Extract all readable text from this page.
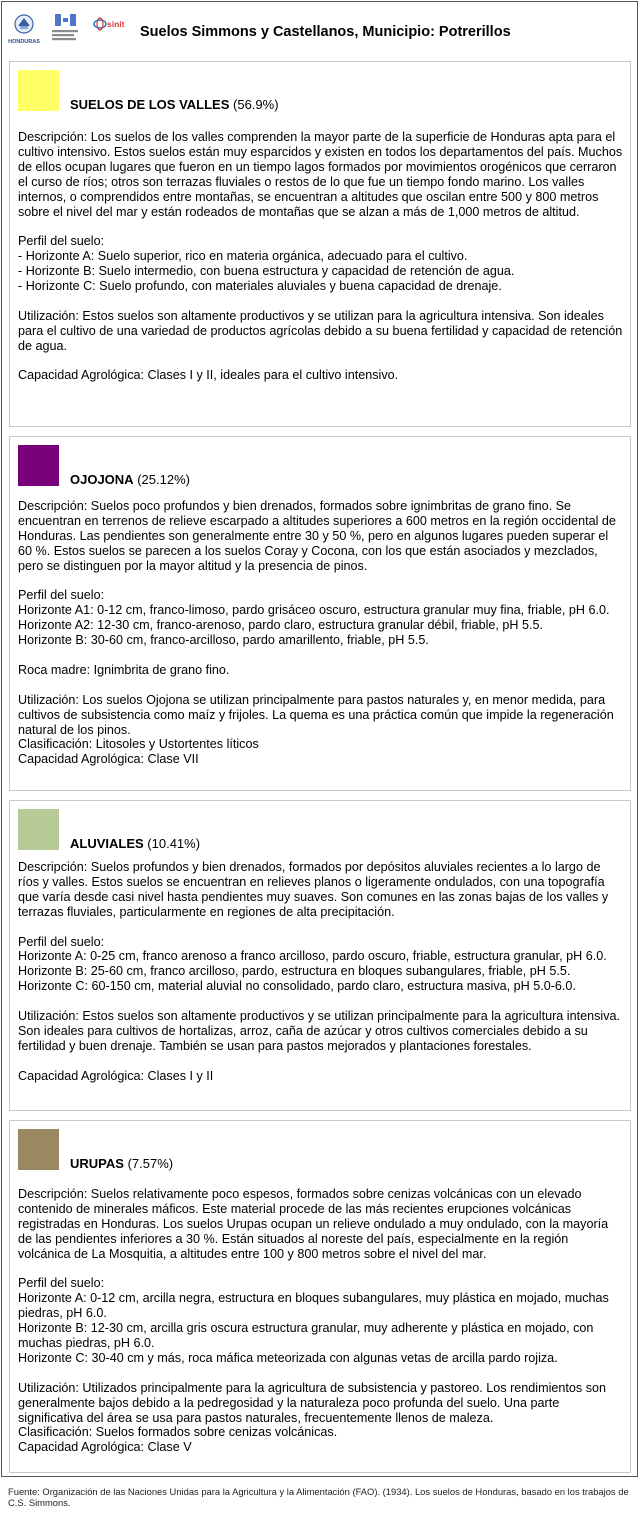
HONDURAS
sinit Suelos Simmons y Castellanos, Municipio: Potrerillos
SUELOS DE LOS VALLES (56.9%)

Descripción: Los suelos de los valles comprenden la mayor parte de la superficie de Honduras apta para el cultivo intensivo. Estos suelos están muy esparcidos y existen en todos los departamentos del país. Muchos de ellos ocupan lugares que fueron en un tiempo lagos formados por movimientos orogénicos que cerraron el curso de ríos; otros son terrazas fluviales o restos de lo que fue un tiempo fondo marino. Los valles internos, o comprendidos entre montañas, se encuentran a altitudes que oscilan entre 500 y 800 metros sobre el nivel del mar y están rodeados de montañas que se alzan a más de 1,000 metros de altitud.

Perfil del suelo:
- Horizonte A: Suelo superior, rico en materia orgánica, adecuado para el cultivo.
- Horizonte B: Suelo intermedio, con buena estructura y capacidad de retención de agua.
- Horizonte C: Suelo profundo, con materiales aluviales y buena capacidad de drenaje.

Utilización: Estos suelos son altamente productivos y se utilizan para la agricultura intensiva. Son ideales para el cultivo de una variedad de productos agrícolas debido a su buena fertilidad y capacidad de retención de agua.

Capacidad Agrológica: Clases I y II, ideales para el cultivo intensivo.

OJOJONA (25.12%)

Descripción: Suelos poco profundos y bien drenados, formados sobre ignimbritas de grano fino. Se encuentran en terrenos de relieve escarpado a altitudes superiores a 600 metros en la región occidental de Honduras. Las pendientes son generalmente entre 30 y 50 %, pero en algunos lugares pueden superar el 60 %. Estos suelos se parecen a los suelos Coray y Cocona, con los que están asociados y mezclados, pero se distinguen por la mayor altitud y la presencia de pinos.

Perfil del suelo:
Horizonte A1: 0-12 cm, franco-limoso, pardo grisáceo oscuro, estructura granular muy fina, friable, pH 6.0.
Horizonte A2: 12-30 cm, franco-arenoso, pardo claro, estructura granular débil, friable, pH 5.5.
Horizonte B: 30-60 cm, franco-arcilloso, pardo amarillento, friable, pH 5.5.

Roca madre: Ignimbrita de grano fino.

Utilización: Los suelos Ojojona se utilizan principalmente para pastos naturales y, en menor medida, para cultivos de subsistencia como maíz y frijoles. La quema es una práctica común que impide la regeneración natural de los pinos.
Clasificación: Litosoles y Ustortentes líticos
Capacidad Agrológica: Clase VII

ALUVIALES (10.41%)

Descripción: Suelos profundos y bien drenados, formados por depósitos aluviales recientes a lo largo de ríos y valles. Estos suelos se encuentran en relieves planos o ligeramente ondulados, con una topografía que varía desde casi nivel hasta pendientes muy suaves. Son comunes en las zonas bajas de los valles y terrazas fluviales, particularmente en regiones de alta precipitación.

Perfil del suelo:
Horizonte A: 0-25 cm, franco arenoso a franco arcilloso, pardo oscuro, friable, estructura granular, pH 6.0.
Horizonte B: 25-60 cm, franco arcilloso, pardo, estructura en bloques subangulares, friable, pH 5.5.
Horizonte C: 60-150 cm, material aluvial no consolidado, pardo claro, estructura masiva, pH 5.0-6.0.

Utilización: Estos suelos son altamente productivos y se utilizan principalmente para la agricultura intensiva. Son ideales para cultivos de hortalizas, arroz, caña de azúcar y otros cultivos comerciales debido a su fertilidad y buen drenaje. También se usan para pastos mejorados y plantaciones forestales.

Capacidad Agrológica: Clases I y II

URUPAS (7.57%)

Descripción: Suelos relativamente poco espesos, formados sobre cenizas volcánicas con un elevado contenido de minerales máficos. Este material procede de las más recientes erupciones volcánicas registradas en Honduras. Los suelos Urupas ocupan un relieve ondulado a muy ondulado, con la mayoría de las pendientes inferiores a 30 %. Están situados al noreste del país, especialmente en la región volcánica de La Mosquitia, a altitudes entre 100 y 800 metros sobre el nivel del mar.

Perfil del suelo:
Horizonte A: 0-12 cm, arcilla negra, estructura en bloques subangulares, muy plástica en mojado, muchas piedras, pH 6.0.
Horizonte B: 12-30 cm, arcilla gris oscura estructura granular, muy adherente y plástica en mojado, con muchas piedras, pH 6.0.
Horizonte C: 30-40 cm y más, roca máfica meteorizada con algunas vetas de arcilla pardo rojiza.

Utilización: Utilizados principalmente para la agricultura de subsistencia y pastoreo. Los rendimientos son generalmente bajos debido a la pedregosidad y la naturaleza poco profunda del suelo. Una parte significativa del área se usa para pastos naturales, frecuentemente llenos de maleza.
Clasificación: Suelos formados sobre cenizas volcánicas.
Capacidad Agrológica: Clase V

Fuente: Organización de las Naciones Unidas para la Agricultura y la Alimentación (FAO). (1934). Los suelos de Honduras, basado en los trabajos de C.S. Simmons.
